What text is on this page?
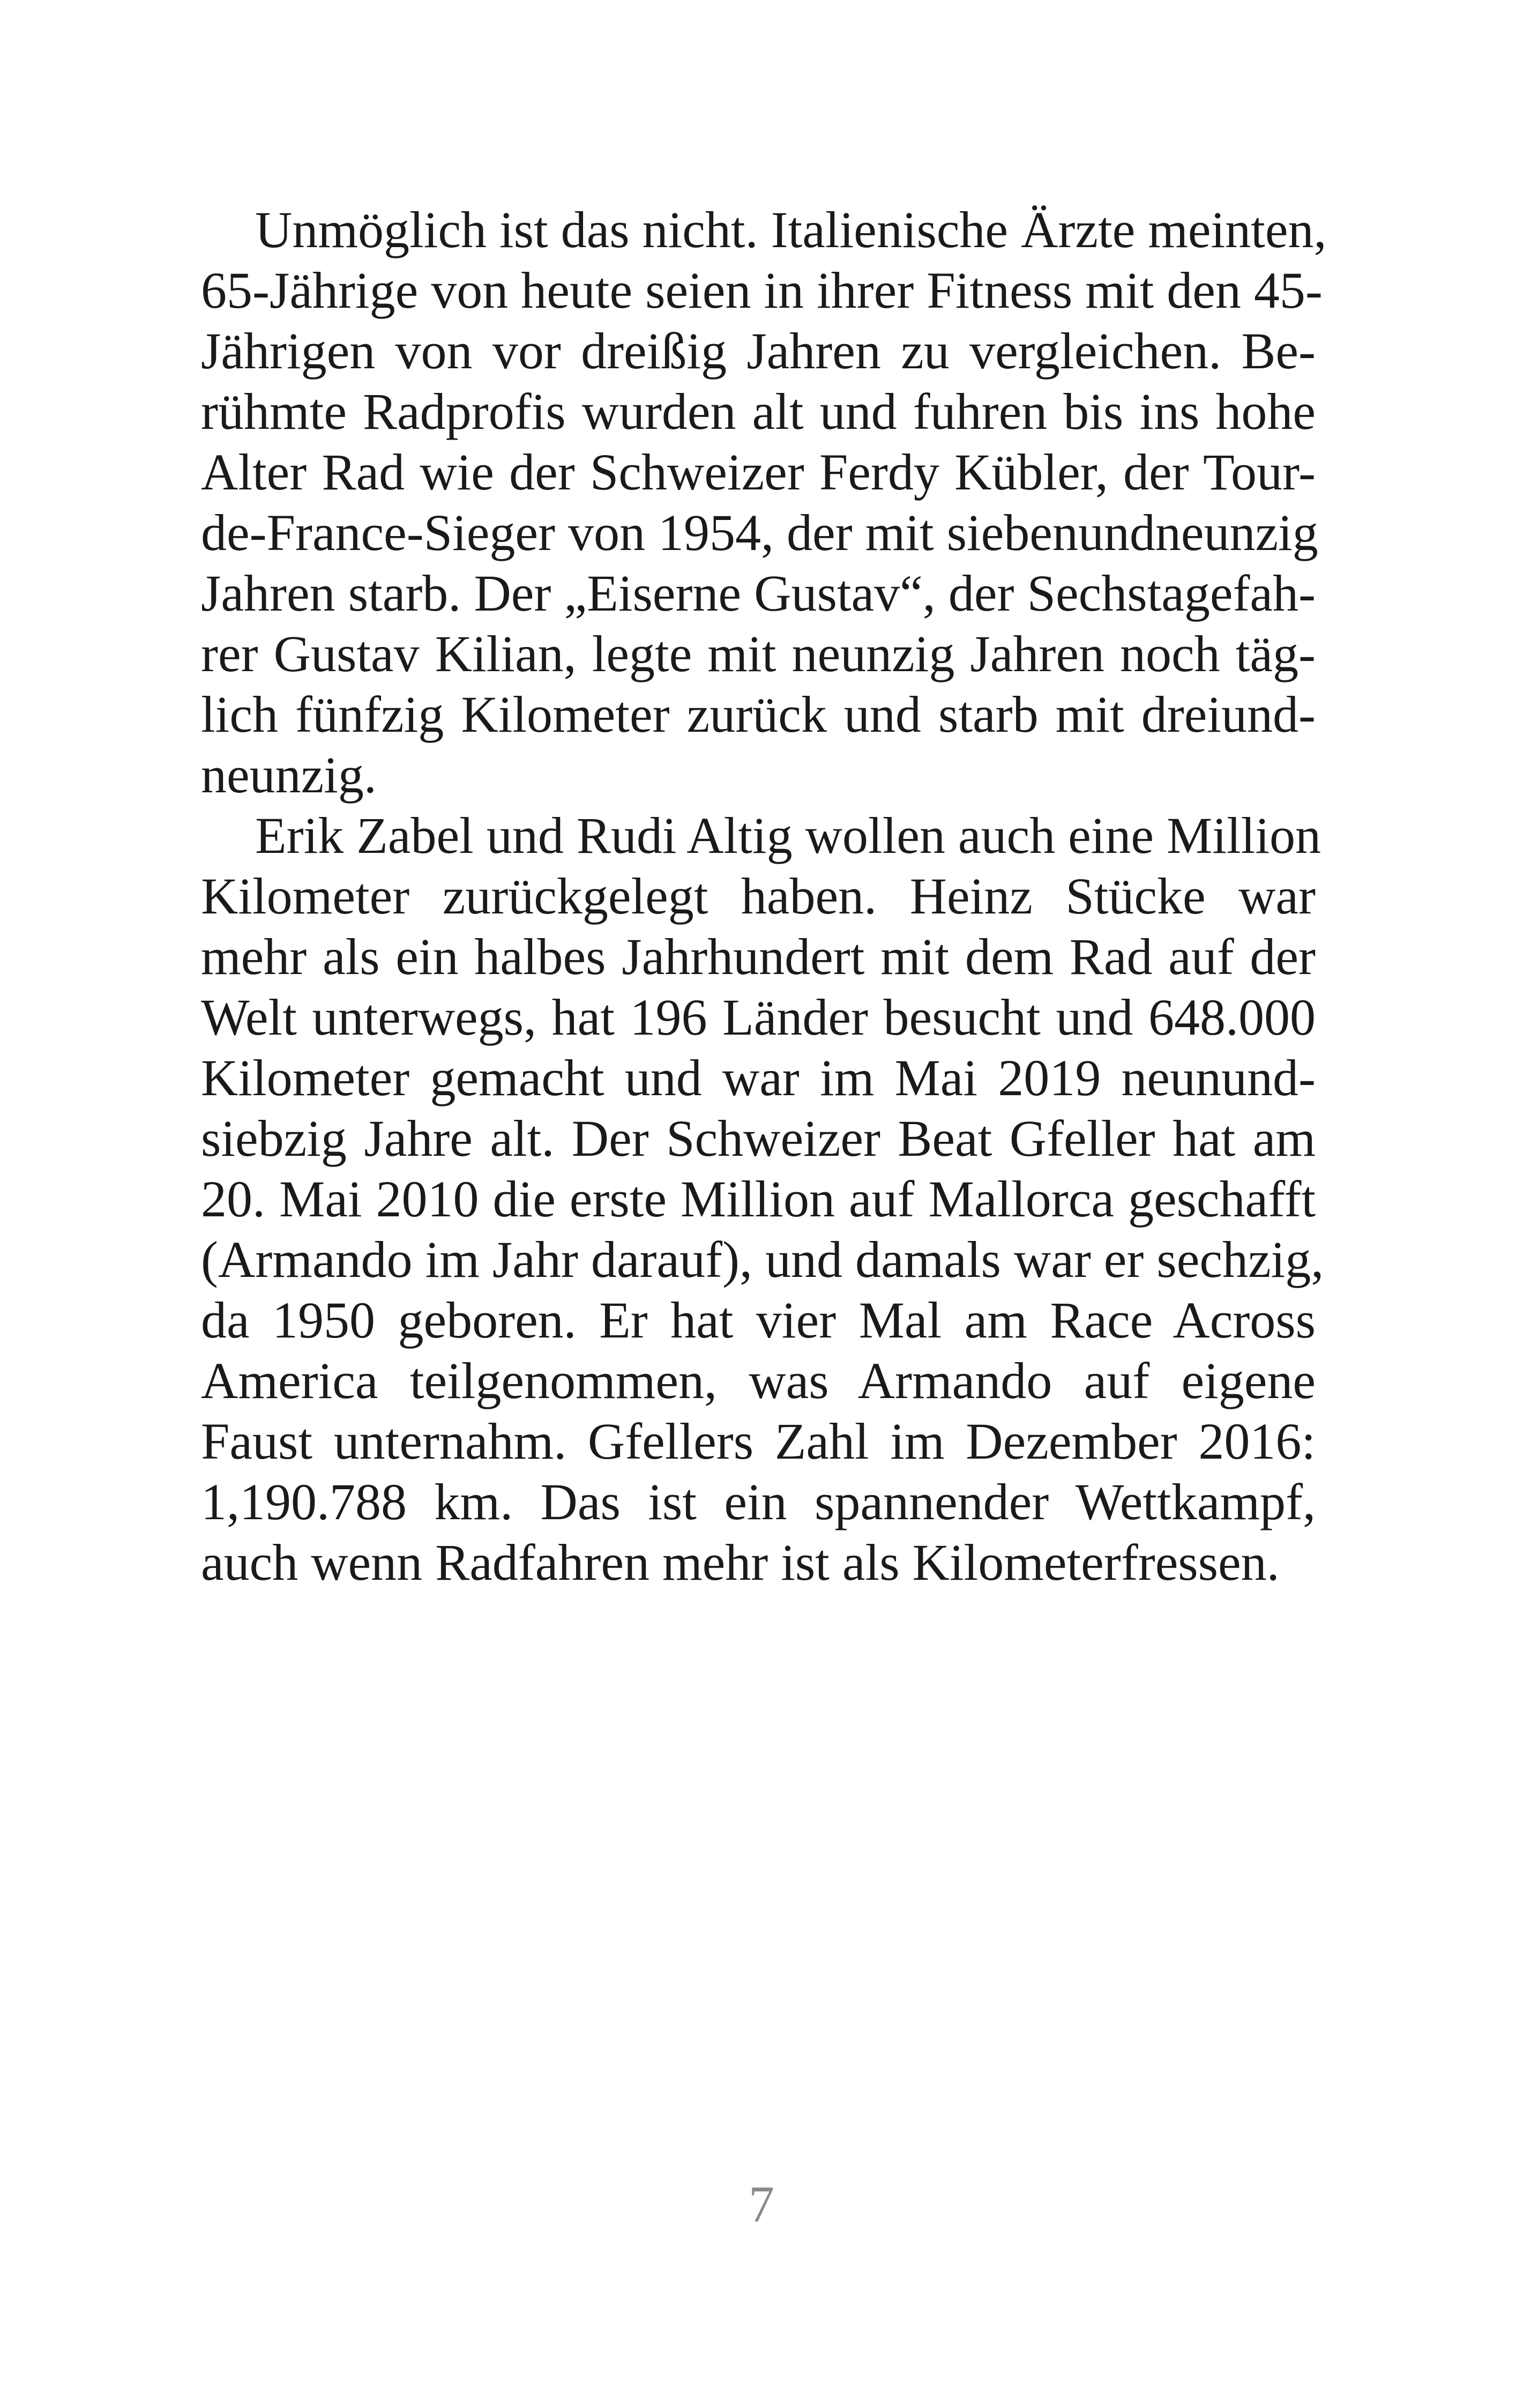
Unmöglich ist das nicht. Italienische Ärzte meinten,
65-Jährige von heute seien in ihrer Fitness mit den 45-
Jährigen von vor dreißig Jahren zu vergleichen. Be-
rühmte Radprofis wurden alt und fuhren bis ins hohe
Alter Rad wie der Schweizer Ferdy Kübler, der Tour-
de-France-Sieger von 1954, der mit siebenundneunzig
Jahren starb. Der „Eiserne Gustav“, der Sechstagefah-
rer Gustav Kilian, legte mit neunzig Jahren noch täg-
lich fünfzig Kilometer zurück und starb mit dreiund-
neunzig.
Erik Zabel und Rudi Altig wollen auch eine Million
Kilometer zurückgelegt haben. Heinz Stücke war
mehr als ein halbes Jahrhundert mit dem Rad auf der
Welt unterwegs, hat 196 Länder besucht und 648.000
Kilometer gemacht und war im Mai 2019 neunund-
siebzig Jahre alt. Der Schweizer Beat Gfeller hat am
20. Mai 2010 die erste Million auf Mallorca geschafft
(Armando im Jahr darauf), und damals war er sechzig,
da 1950 geboren. Er hat vier Mal am Race Across
America teilgenommen, was Armando auf eigene
Faust unternahm. Gfellers Zahl im Dezember 2016:
1,190.788 km. Das ist ein spannender Wettkampf,
auch wenn Radfahren mehr ist als Kilometerfressen.
7
